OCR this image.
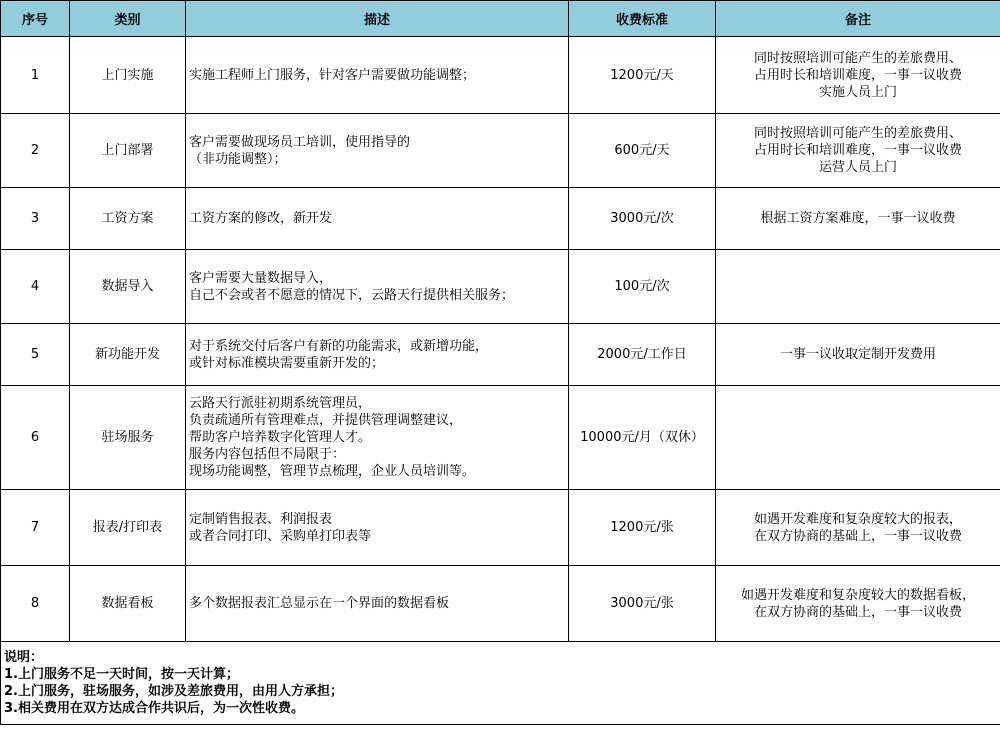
序号	类别	描述	收费标准	备注
1	上门实施	实施工程师上门服务，针对客户需要做功能调整；	1200元/天	同时按照培训可能产生的差旅费用、
占用时长和培训难度，一事一议收费
实施人员上门

2	上门部署	客户需要做现场员工培训，使用指导的
（非功能调整）；	600元/天	同时按照培训可能产生的差旅费用、
占用时长和培训难度，一事一议收费
运营人员上门

3	工资方案	工资方案的修改，新开发	3000元/次	根据工资方案难度，一事一议收费

4	数据导入	客户需要大量数据导入，
自己不会或者不愿意的情况下，云路天行提供相关服务；	100元/次	
5	新功能开发	对于系统交付后客户有新的功能需求，或新增功能，
或针对标准模块需要重新开发的；	2000元/工作日	一事一议收取定制开发费用

6	驻场服务	云路天行派驻初期系统管理员，
负责疏通所有管理难点，并提供管理调整建议，
帮助客户培养数字化管理人才。
服务内容包括但不局限于：
现场功能调整，管理节点梳理，企业人员培训等。	10000元/月（双休）	
7	报表/打印表	定制销售报表、利润报表
或者合同打印、采购单打印表等	1200元/张	如遇开发难度和复杂度较大的报表，
在双方协商的基础上，一事一议收费

8	数据看板	多个数据报表汇总显示在一个界面的数据看板	3000元/张	如遇开发难度和复杂度较大的数据看板，
在双方协商的基础上，一事一议收费

说明：
1.上门服务不足一天时间，按一天计算；
2.上门服务，驻场服务，如涉及差旅费用，由用人方承担；
3.相关费用在双方达成合作共识后，为一次性收费。				
